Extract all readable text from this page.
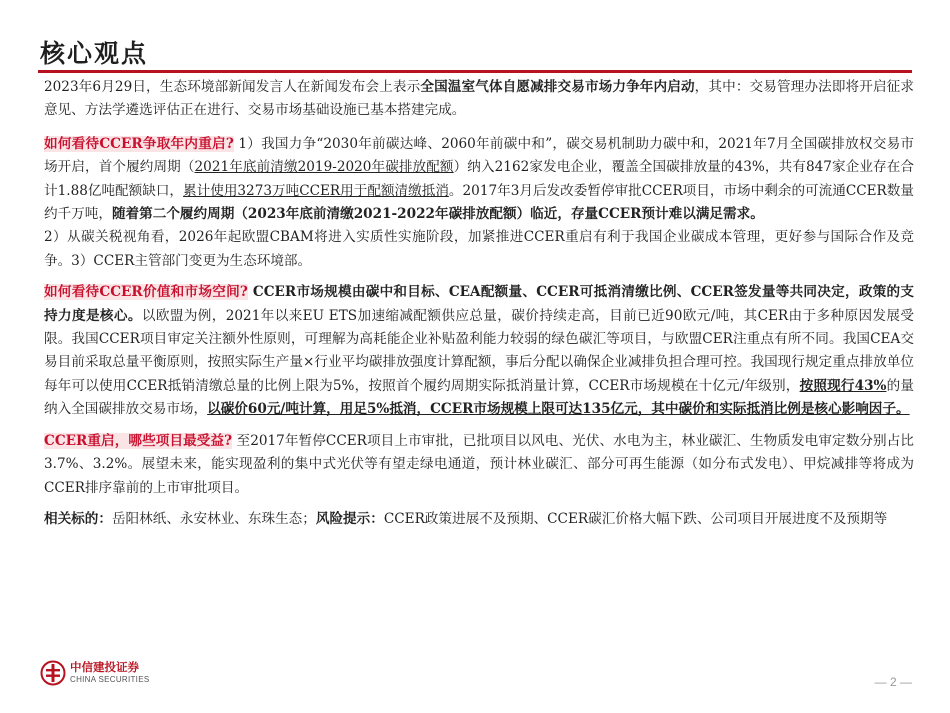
核心观点

2023年6月29日，生态环境部新闻发言人在新闻发布会上表示全国温室气体自愿减排交易市场力争年内启动，其中：交易管理办法即将开启征求意见、方法学遴选评估正在进行、交易市场基础设施已基本搭建完成。

如何看待CCER争取年内重启? 1）我国力争“2030年前碳达峰、2060年前碳中和”，碳交易机制助力碳中和，2021年7月全国碳排放权交易市场开启，首个履约周期（2021年底前清缴2019-2020年碳排放配额）纳入2162家发电企业，覆盖全国碳排放量的43%，共有847家企业存在合计1.88亿吨配额缺口，累计使用3273万吨CCER用于配额清缴抵消。2017年3月后发改委暂停审批CCER项目，市场中剩余的可流通CCER数量约千万吨，随着第二个履约周期（2023年底前清缴2021-2022年碳排放配额）临近，存量CCER预计难以满足需求。
2）从碳关税视角看，2026年起欧盟CBAM将进入实质性实施阶段，加紧推进CCER重启有利于我国企业碳成本管理，更好参与国际合作及竞争。3）CCER主管部门变更为生态环境部。

如何看待CCER价值和市场空间? CCER市场规模由碳中和目标、CEA配额量、CCER可抵消清缴比例、CCER签发量等共同决定，政策的支持力度是核心。以欧盟为例，2021年以来EU ETS加速缩减配额供应总量，碳价持续走高，目前已近90欧元/吨，其CER由于多种原因发展受限。我国CCER项目审定关注额外性原则，可理解为高耗能企业补贴盈利能力较弱的绿色碳汇等项目，与欧盟CER注重点有所不同。我国CEA交易目前采取总量平衡原则，按照实际生产量×行业平均碳排放强度计算配额，事后分配以确保企业减排负担合理可控。我国现行规定重点排放单位每年可以使用CCER抵销清缴总量的比例上限为5%，按照首个履约周期实际抵消量计算，CCER市场规模在十亿元/年级别，按照现行43%的量纳入全国碳排放交易市场，以碳价60元/吨计算，用足5%抵消，CCER市场规模上限可达135亿元，其中碳价和实际抵消比例是核心影响因子。

CCER重启，哪些项目最受益? 至2017年暂停CCER项目上市审批，已批项目以风电、光伏、水电为主，林业碳汇、生物质发电审定数分别占比3.7%、3.2%。展望未来，能实现盈利的集中式光伏等有望走绿电通道，预计林业碳汇、部分可再生能源（如分布式发电）、甲烷减排等将成为CCER排序靠前的上市审批项目。

相关标的：岳阳林纸、永安林业、东珠生态；风险提示：CCER政策进展不及预期、CCER碳汇价格大幅下跌、公司项目开展进度不及预期等

中信建投证券
CHINA SECURITIES	— 2 —
